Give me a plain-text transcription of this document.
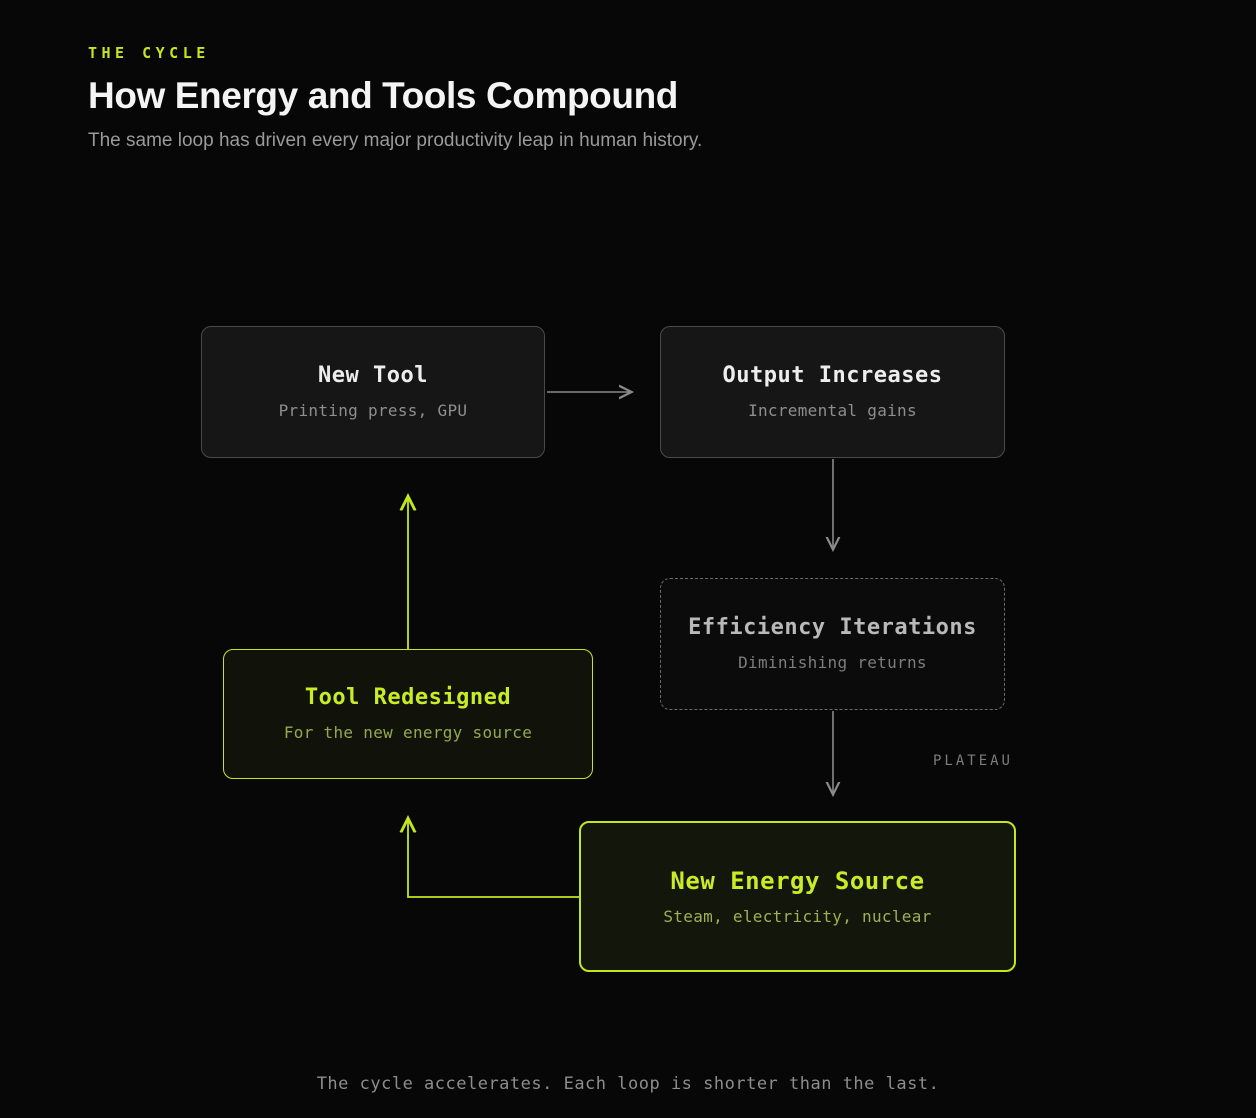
THE CYCLE
How Energy and Tools Compound

The same loop has driven every major productivity leap in human history.

New Tool
Printing press, GPU
Output Increases
Incremental gains
Efficiency Iterations
Diminishing returns
New Energy Source
Steam, electricity, nuclear
Tool Redesigned
For the new energy source
PLATEAU
The cycle accelerates. Each loop is shorter than the last.
